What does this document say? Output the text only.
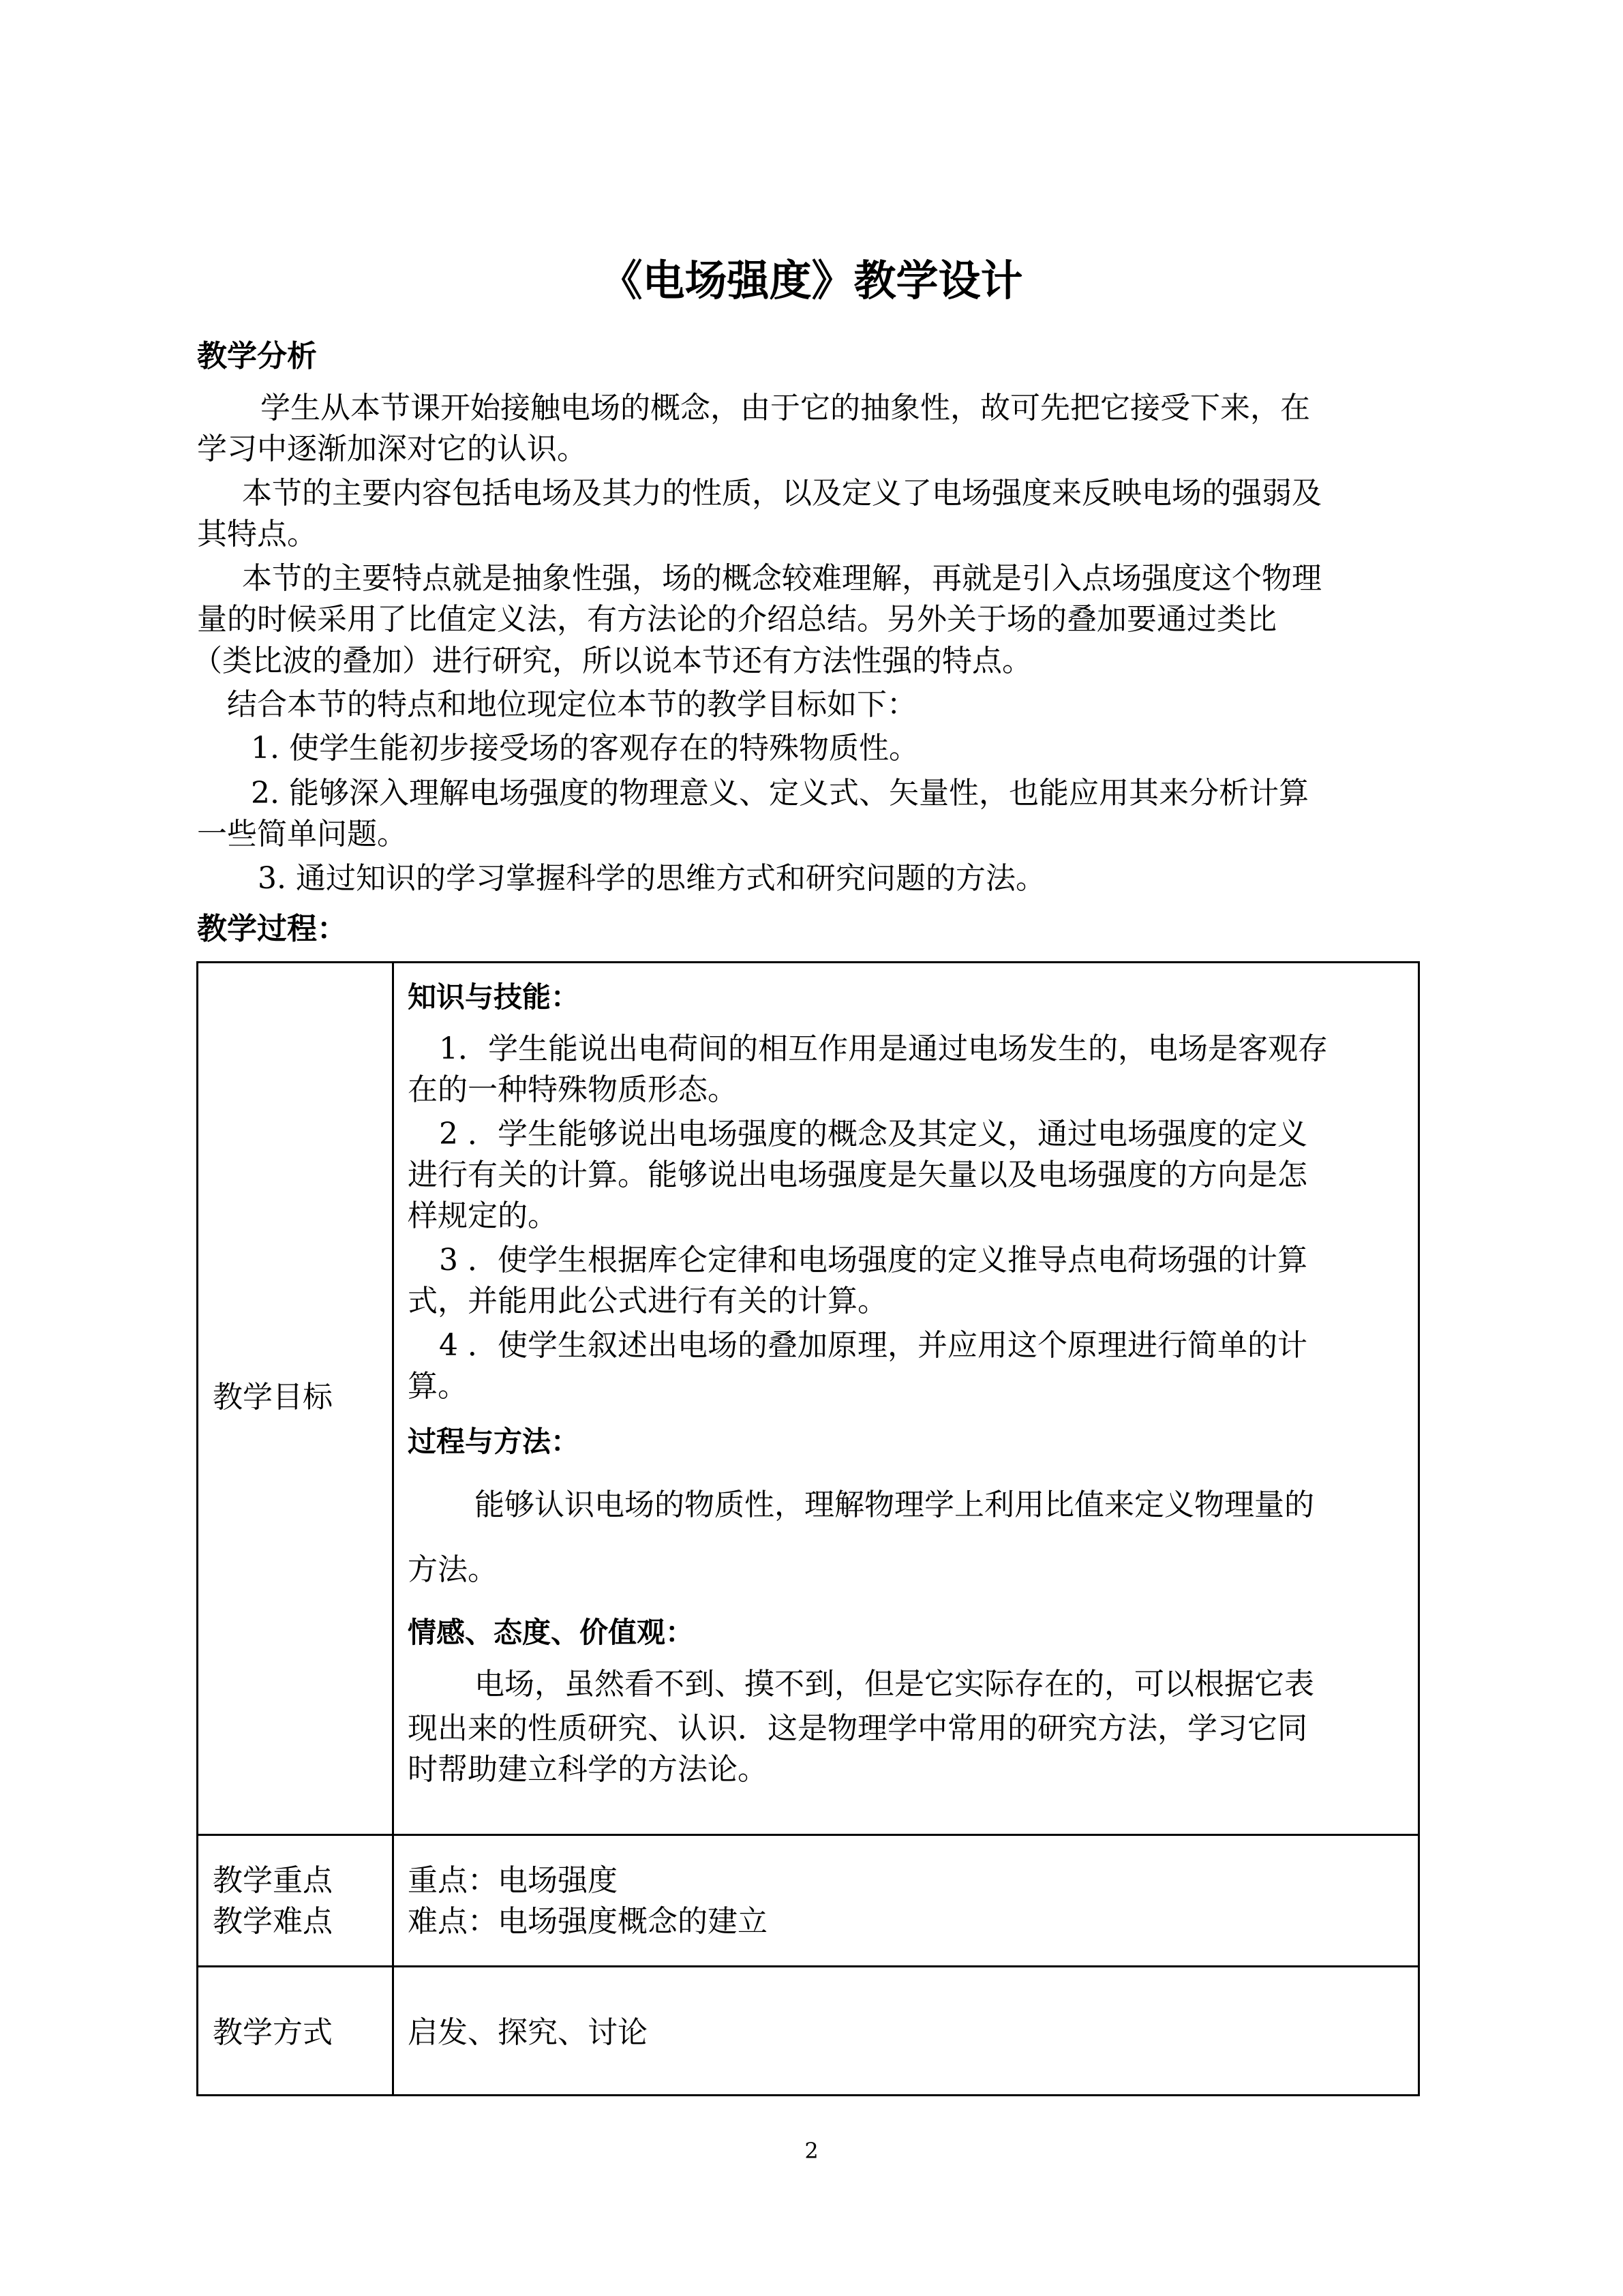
《电场强度》教学设计
教学分析
学生从本节课开始接触电场的概念，由于它的抽象性，故可先把它接受下来，在
学习中逐渐加深对它的认识。
本节的主要内容包括电场及其力的性质，以及定义了电场强度来反映电场的强弱及
其特点。
本节的主要特点就是抽象性强，场的概念较难理解，再就是引入点场强度这个物理
量的时候采用了比值定义法，有方法论的介绍总结。另外关于场的叠加要通过类比
（类比波的叠加）进行研究，所以说本节还有方法性强的特点。
结合本节的特点和地位现定位本节的教学目标如下：
1. 使学生能初步接受场的客观存在的特殊物质性。
2. 能够深入理解电场强度的物理意义、定义式、矢量性，也能应用其来分析计算
一些简单问题。
3. 通过知识的学习掌握科学的思维方式和研究问题的方法。
教学过程：
教学目标
知识与技能：
1．学生能说出电荷间的相互作用是通过电场发生的，电场是客观存
在的一种特殊物质形态。
2 ．学生能够说出电场强度的概念及其定义，通过电场强度的定义
进行有关的计算。能够说出电场强度是矢量以及电场强度的方向是怎
样规定的。
3 ．使学生根据库仑定律和电场强度的定义推导点电荷场强的计算
式，并能用此公式进行有关的计算。
4 ．使学生叙述出电场的叠加原理，并应用这个原理进行简单的计
算。
过程与方法：
能够认识电场的物质性，理解物理学上利用比值来定义物理量的
方法。
情感、态度、价值观：
电场，虽然看不到、摸不到，但是它实际存在的，可以根据它表
现出来的性质研究、认识．这是物理学中常用的研究方法，学习它同
时帮助建立科学的方法论。
教学重点
教学难点
重点：电场强度
难点：电场强度概念的建立
教学方式	启发、探究、讨论
2
